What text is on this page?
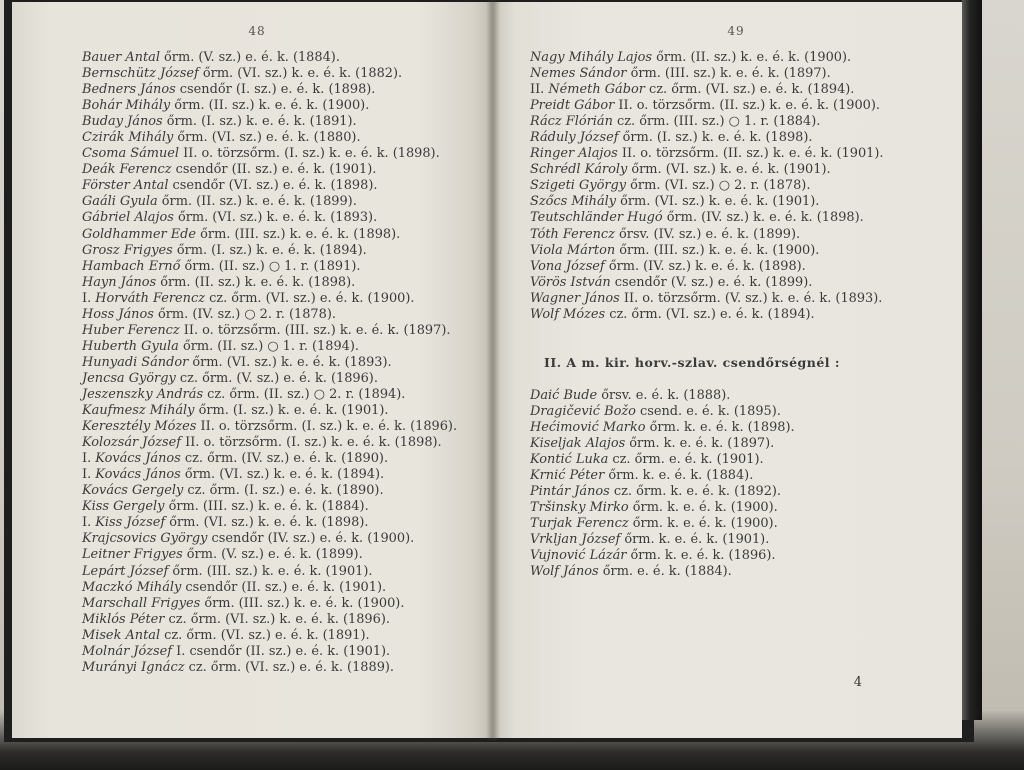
48
Bauer Antal őrm. (V. sz.) e. é. k. (1884).
Bernschütz József őrm. (VI. sz.) k. e. é. k. (1882).
Bedners János csendőr (I. sz.) e. é. k. (1898).
Bohár Mihály őrm. (II. sz.) k. e. é. k. (1900).
Buday János őrm. (I. sz.) k. e. é. k. (1891).
Czirák Mihály őrm. (VI. sz.) e. é. k. (1880).
Csoma Sámuel II. o. törzsőrm. (I. sz.) k. e. é. k. (1898).
Deák Ferencz csendőr (II. sz.) e. é. k. (1901).
Förster Antal csendőr (VI. sz.) e. é. k. (1898).
Gaáli Gyula őrm. (II. sz.) k. e. é. k. (1899).
Gábriel Alajos őrm. (VI. sz.) k. e. é. k. (1893).
Goldhammer Ede őrm. (III. sz.) k. e. é. k. (1898).
Grosz Frigyes őrm. (I. sz.) k. e. é. k. (1894).
Hambach Ernő őrm. (II. sz.) ○ 1. r. (1891).
Hayn János őrm. (II. sz.) k. e. é. k. (1898).
I. Horváth Ferencz cz. őrm. (VI. sz.) e. é. k. (1900).
Hoss János őrm. (IV. sz.) ○ 2. r. (1878).
Huber Ferencz II. o. törzsőrm. (III. sz.) k. e. é. k. (1897).
Huberth Gyula őrm. (II. sz.) ○ 1. r. (1894).
Hunyadi Sándor őrm. (VI. sz.) k. e. é. k. (1893).
Jencsa György cz. őrm. (V. sz.) e. é. k. (1896).
Jeszenszky András cz. őrm. (II. sz.) ○ 2. r. (1894).
Kaufmesz Mihály őrm. (I. sz.) k. e. é. k. (1901).
Keresztély Mózes II. o. törzsőrm. (I. sz.) k. e. é. k. (1896).
Kolozsár József II. o. törzsőrm. (I. sz.) k. e. é. k. (1898).
I. Kovács János cz. őrm. (IV. sz.) e. é. k. (1890).
I. Kovács János őrm. (VI. sz.) k. e. é. k. (1894).
Kovács Gergely cz. őrm. (I. sz.) e. é. k. (1890).
Kiss Gergely őrm. (III. sz.) k. e. é. k. (1884).
I. Kiss József őrm. (VI. sz.) k. e. é. k. (1898).
Krajcsovics György csendőr (IV. sz.) e. é. k. (1900).
Leitner Frigyes őrm. (V. sz.) e. é. k. (1899).
Lepárt József őrm. (III. sz.) k. e. é. k. (1901).
Maczkó Mihály csendőr (II. sz.) e. é. k. (1901).
Marschall Frigyes őrm. (III. sz.) k. e. é. k. (1900).
Miklós Péter cz. őrm. (VI. sz.) k. e. é. k. (1896).
Misek Antal cz. őrm. (VI. sz.) e. é. k. (1891).
Molnár József I. csendőr (II. sz.) e. é. k. (1901).
Murányi Ignácz cz. őrm. (VI. sz.) e. é. k. (1889).
49
Nagy Mihály Lajos őrm. (II. sz.) k. e. é. k. (1900).
Nemes Sándor őrm. (III. sz.) k. e. é. k. (1897).
II. Németh Gábor cz. őrm. (VI. sz.) e. é. k. (1894).
Preidt Gábor II. o. törzsőrm. (II. sz.) k. e. é. k. (1900).
Rácz Flórián cz. őrm. (III. sz.) ○ 1. r. (1884).
Ráduly József őrm. (I. sz.) k. e. é. k. (1898).
Ringer Alajos II. o. törzsőrm. (II. sz.) k. e. é. k. (1901).
Schrédl Károly őrm. (VI. sz.) k. e. é. k. (1901).
Szigeti György őrm. (VI. sz.) ○ 2. r. (1878).
Szőcs Mihály őrm. (VI. sz.) k. e. é. k. (1901).
Teutschländer Hugó őrm. (IV. sz.) k. e. é. k. (1898).
Tóth Ferencz őrsv. (IV. sz.) e. é. k. (1899).
Viola Márton őrm. (III. sz.) k. e. é. k. (1900).
Vona József őrm. (IV. sz.) k. e. é. k. (1898).
Vörös István csendőr (V. sz.) e. é. k. (1899).
Wagner János II. o. törzsőrm. (V. sz.) k. e. é. k. (1893).
Wolf Mózes cz. őrm. (VI. sz.) e. é. k. (1894).
II. A m. kir. horv.-szlav. csendőrségnél :
Daić Bude őrsv. e. é. k. (1888).
Dragičević Božo csend. e. é. k. (1895).
Hećimović Marko őrm. k. e. é. k. (1898).
Kiseljak Alajos őrm. k. e. é. k. (1897).
Kontić Luka cz. őrm. e. é. k. (1901).
Krnić Péter őrm. k. e. é. k. (1884).
Pintár János cz. őrm. k. e. é. k. (1892).
Tršinsky Mirko őrm. k. e. é. k. (1900).
Turjak Ferencz őrm. k. e. é. k. (1900).
Vrkljan József őrm. k. e. é. k. (1901).
Vujnović Lázár őrm. k. e. é. k. (1896).
Wolf János őrm. e. é. k. (1884).
4
